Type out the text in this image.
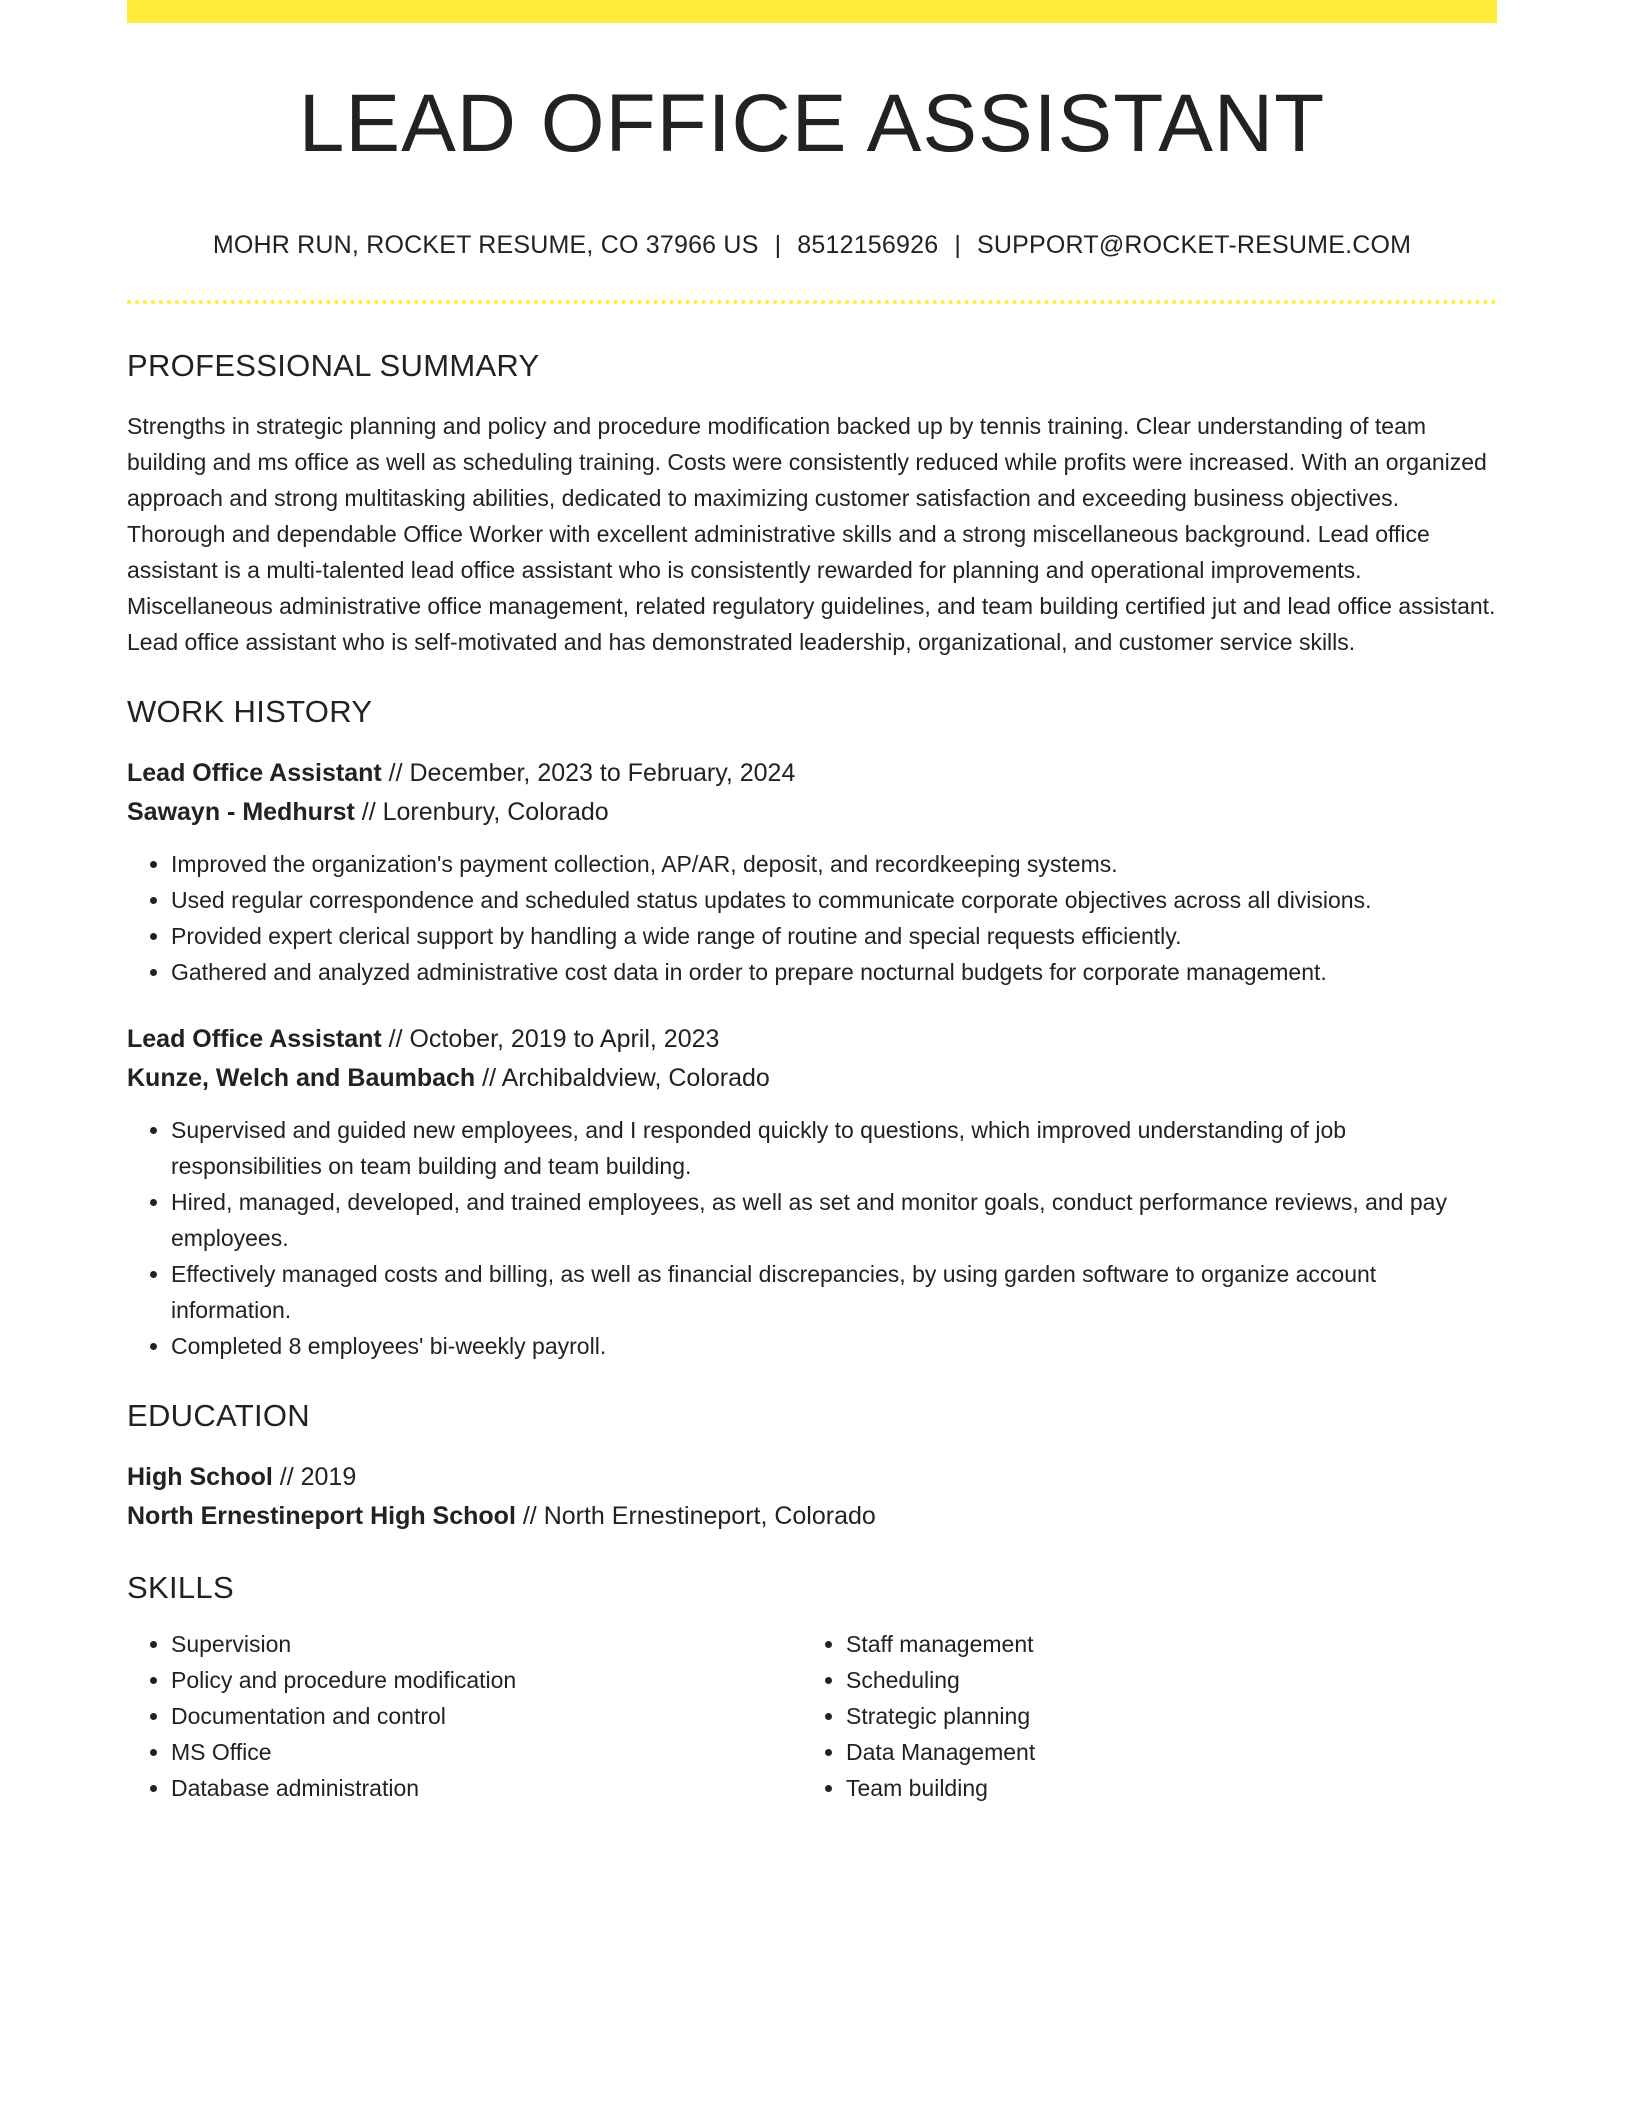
LEAD OFFICE ASSISTANT
MOHR RUN, ROCKET RESUME, CO 37966 US | 8512156926 | SUPPORT@ROCKET-RESUME.COM
PROFESSIONAL SUMMARY
Strengths in strategic planning and policy and procedure modification backed up by tennis training. Clear understanding of team building and ms office as well as scheduling training. Costs were consistently reduced while profits were increased. With an organized approach and strong multitasking abilities, dedicated to maximizing customer satisfaction and exceeding business objectives. Thorough and dependable Office Worker with excellent administrative skills and a strong miscellaneous background. Lead office assistant is a multi-talented lead office assistant who is consistently rewarded for planning and operational improvements. Miscellaneous administrative office management, related regulatory guidelines, and team building certified jut and lead office assistant. Lead office assistant who is self-motivated and has demonstrated leadership, organizational, and customer service skills.
WORK HISTORY
Lead Office Assistant // December, 2023 to February, 2024
Sawayn - Medhurst // Lorenbury, Colorado
• Improved the organization's payment collection, AP/AR, deposit, and recordkeeping systems.
• Used regular correspondence and scheduled status updates to communicate corporate objectives across all divisions.
• Provided expert clerical support by handling a wide range of routine and special requests efficiently.
• Gathered and analyzed administrative cost data in order to prepare nocturnal budgets for corporate management.
Lead Office Assistant // October, 2019 to April, 2023
Kunze, Welch and Baumbach // Archibaldview, Colorado
• Supervised and guided new employees, and I responded quickly to questions, which improved understanding of job responsibilities on team building and team building.
• Hired, managed, developed, and trained employees, as well as set and monitor goals, conduct performance reviews, and pay employees.
• Effectively managed costs and billing, as well as financial discrepancies, by using garden software to organize account information.
• Completed 8 employees' bi-weekly payroll.
EDUCATION
High School // 2019
North Ernestineport High School // North Ernestineport, Colorado
SKILLS
• Supervision
• Policy and procedure modification
• Documentation and control
• MS Office
• Database administration
• Staff management
• Scheduling
• Strategic planning
• Data Management
• Team building
